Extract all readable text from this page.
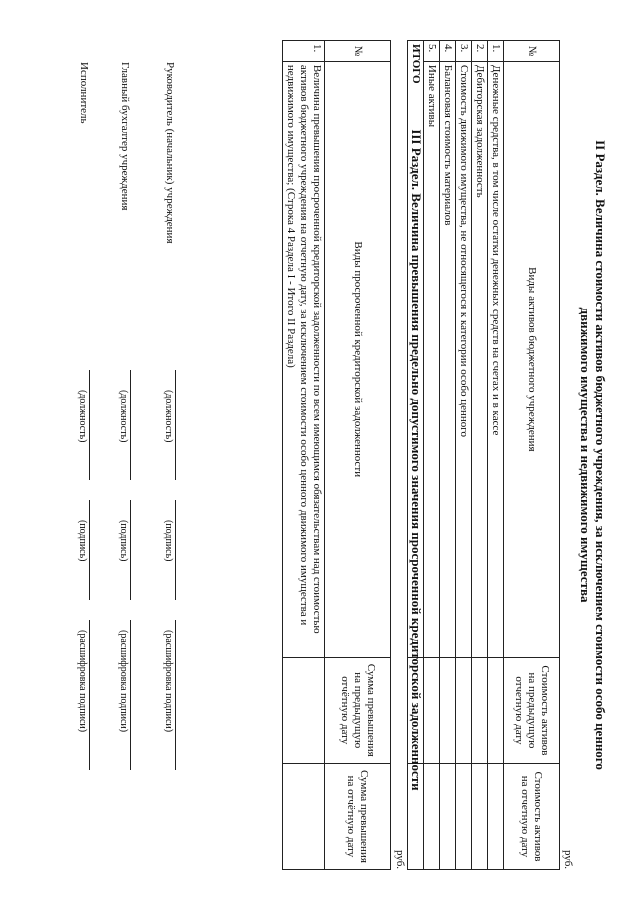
II Раздел. Величина стоимости активов бюджетного учреждения, за исключением стоимости особо ценного движимого имущества и недвижимого имущества
руб.
№	Виды активов бюджетного учреждения	Стоимость активов на предыдущую отчетную дату	Стоимость активов на отчетную дату
1.	Денежные средства, в том числе остатки денежных средств на счетах и в кассе		
2.	Дебиторская задолженность		
3.	Стоимость движимого имущества, не относящегося к категории особо ценного		
4.	Балансовая стоимость материалов		
5.	Иные активы		
ИТОГО			
III Раздел. Величина превышения предельно допустимого значения просроченной кредиторской задолженности
руб.
№	Виды просроченной кредиторской задолженности	Сумма превышения на предыдущую отчётную дату	Сумма превышения на отчётную дату
1.	Величина превышения просроченной кредиторской задолженности по всем имеющимся обязательствам над стоимостью активов бюджетного учреждения на отчетную дату, за исключением стоимости особо ценного движимого имущества и недвижимого имущества; (Строка 4 Раздела I - Итого II Раздела)		
Руководитель (начальник) учреждения
(должность)
(подпись)
(расшифровка подписи)
Главный бухгалтер учреждения
(должность)
(подпись)
(расшифровка подписи)
Исполнитель
(должность)
(подпись)
(расшифровка подписи)
